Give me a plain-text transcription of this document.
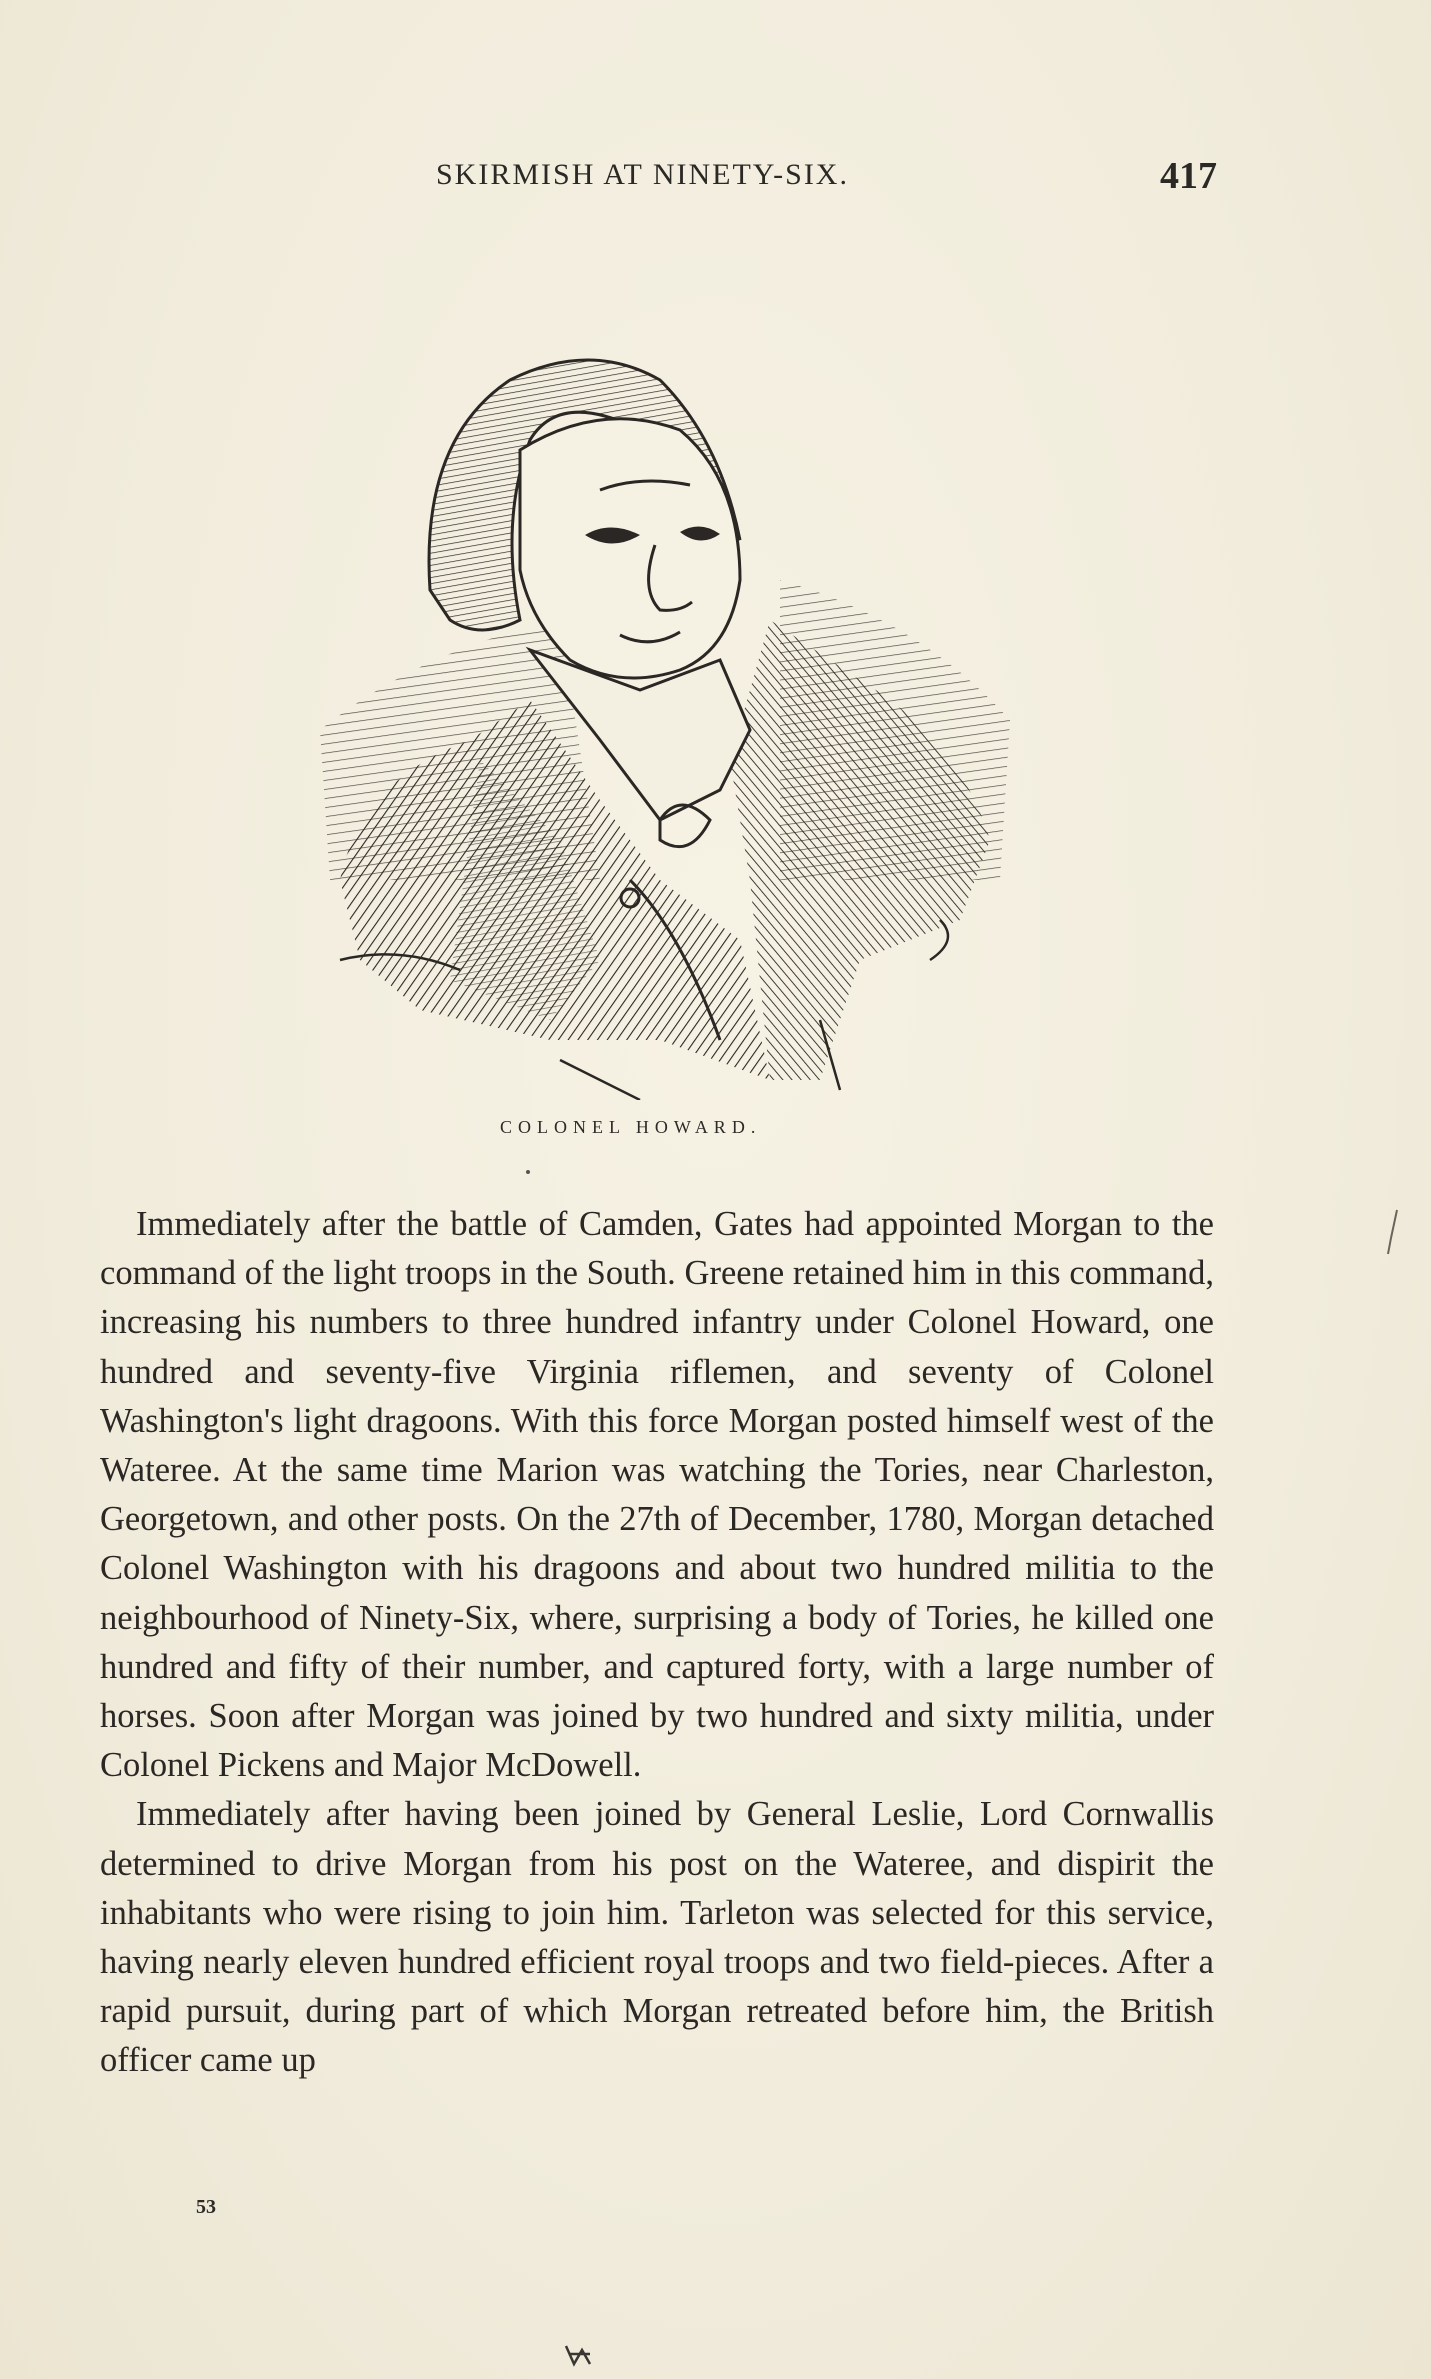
SKIRMISH AT NINETY-SIX.	417
COLONEL HOWARD.

Immediately after the battle of Camden, Gates had appointed Morgan to the command of the light troops in the South. Greene retained him in this command, increasing his numbers to three hundred infantry under Colonel Howard, one hundred and seventy-five Virginia riflemen, and seventy of Colonel Washington's light dragoons. With this force Morgan posted himself west of the Wateree. At the same time Marion was watching the Tories, near Charleston, Georgetown, and other posts. On the 27th of December, 1780, Morgan detached Colonel Washington with his dragoons and about two hundred militia to the neighbourhood of Ninety-Six, where, surprising a body of Tories, he killed one hundred and fifty of their number, and captured forty, with a large number of horses. Soon after Morgan was joined by two hundred and sixty militia, under Colonel Pickens and Major McDowell.

Immediately after having been joined by General Leslie, Lord Cornwallis determined to drive Morgan from his post on the Wateree, and dispirit the inhabitants who were rising to join him. Tarleton was selected for this service, having nearly eleven hundred efficient royal troops and two field-pieces. After a rapid pursuit, during part of which Morgan retreated before him, the British officer came up

53
